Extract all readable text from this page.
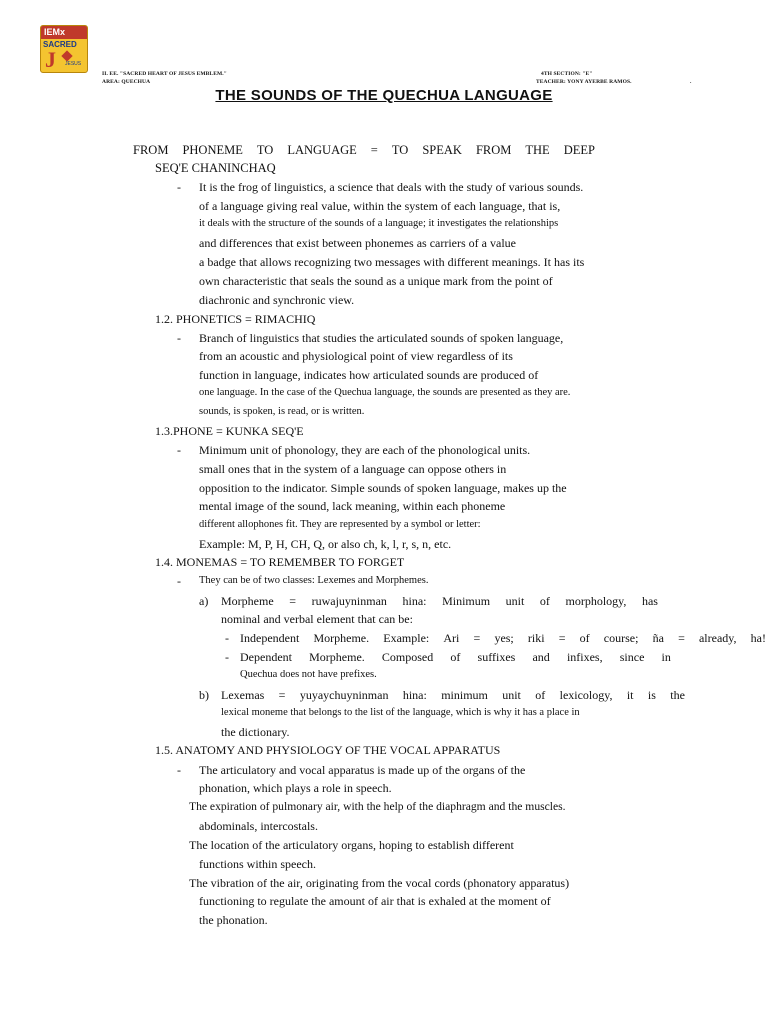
IEMx
SACRED
J JESUS
II. EE. "SACRED HEART OF JESUS EMBLEM."
AREA: QUECHUA
4TH SECTION: "E"
TEACHER: YONY AYERBE RAMOS.	.
THE SOUNDS OF THE QUECHUA LANGUAGE
FROM PHONEME TO LANGUAGE = TO SPEAK FROM THE DEEP
SEQ'E CHANINCHAQ
- It is the frog of linguistics, a science that deals with the study of various sounds.
of a language giving real value, within the system of each language, that is,
it deals with the structure of the sounds of a language; it investigates the relationships
and differences that exist between phonemes as carriers of a value
a badge that allows recognizing two messages with different meanings. It has its
own characteristic that seals the sound as a unique mark from the point of
diachronic and synchronic view.
1.2. PHONETICS = RIMACHIQ
- Branch of linguistics that studies the articulated sounds of spoken language,
from an acoustic and physiological point of view regardless of its
function in language, indicates how articulated sounds are produced of
one language. In the case of the Quechua language, the sounds are presented as they are.
sounds, is spoken, is read, or is written.
1.3.PHONE = KUNKA SEQ'E
- Minimum unit of phonology, they are each of the phonological units.
small ones that in the system of a language can oppose others in
opposition to the indicator. Simple sounds of spoken language, makes up the
mental image of the sound, lack meaning, within each phoneme
different allophones fit. They are represented by a symbol or letter:
Example: M, P, H, CH, Q, or also ch, k, l, r, s, n, etc.
1.4. MONEMAS = TO REMEMBER TO FORGET
- They can be of two classes: Lexemes and Morphemes.
a) Morpheme = ruwajuyninman hina: Minimum unit of morphology, has
nominal and verbal element that can be:
- Independent Morpheme. Example: Ari = yes; riki = of course; ña = already, ha!
- Dependent Morpheme. Composed of suffixes and infixes, since in
Quechua does not have prefixes.
b) Lexemas = yuyaychuyninman hina: minimum unit of lexicology, it is the
lexical moneme that belongs to the list of the language, which is why it has a place in
the dictionary.
1.5. ANATOMY AND PHYSIOLOGY OF THE VOCAL APPARATUS
- The articulatory and vocal apparatus is made up of the organs of the
phonation, which plays a role in speech.
The expiration of pulmonary air, with the help of the diaphragm and the muscles.
abdominals, intercostals.
The location of the articulatory organs, hoping to establish different
functions within speech.
The vibration of the air, originating from the vocal cords (phonatory apparatus)
functioning to regulate the amount of air that is exhaled at the moment of
the phonation.
